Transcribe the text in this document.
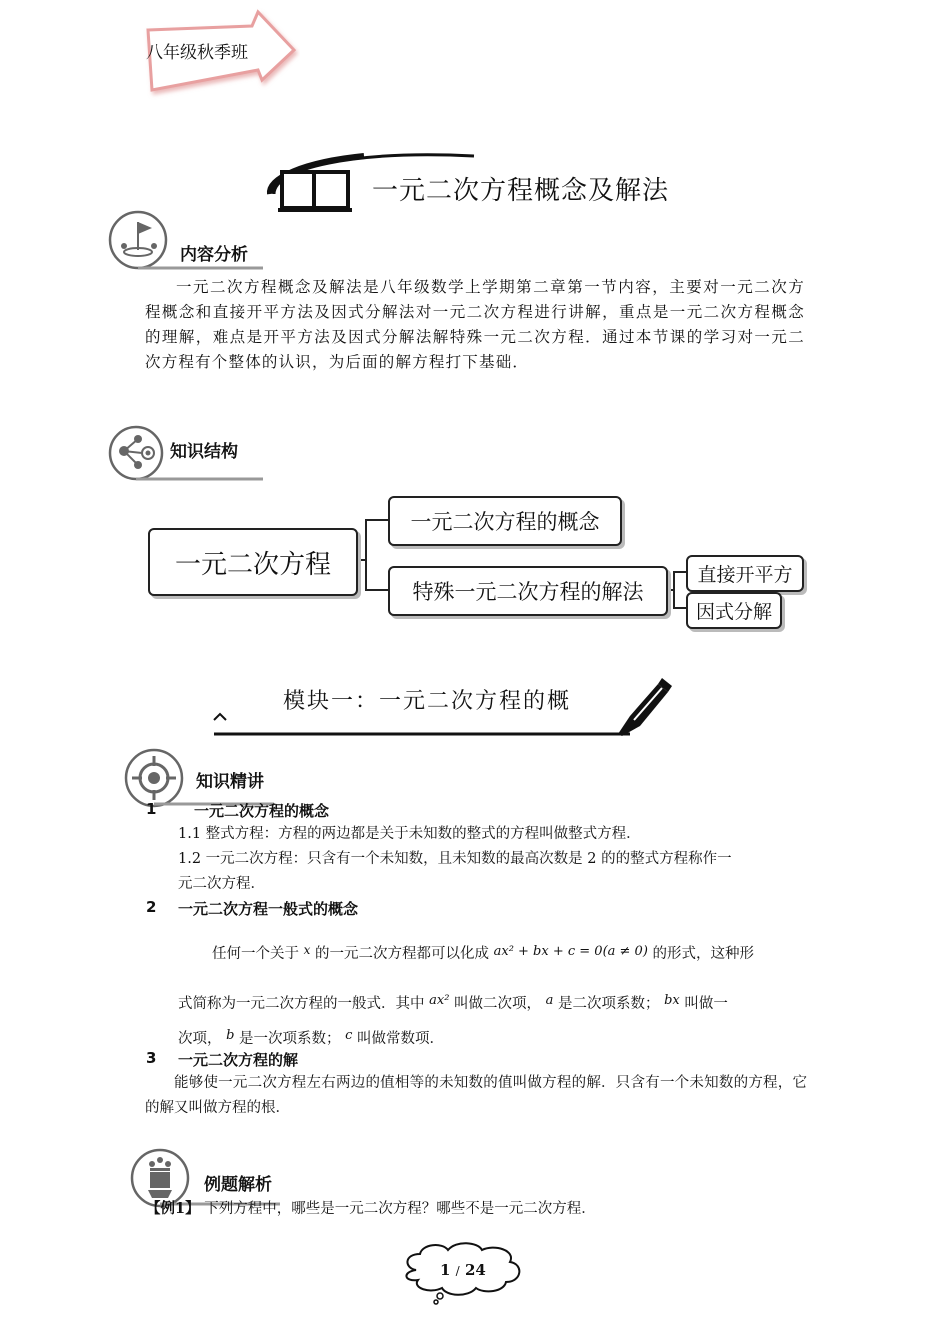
八年级秋季班
一元二次方程概念及解法
内容分析
一元二次方程概念及解法是八年级数学上学期第二章第一节内容，主要对一元二次方程概念和直接开平方法及因式分解法对一元二次方程进行讲解，重点是一元二次方程概念的理解，难点是开平方法及因式分解法解特殊一元二次方程．通过本节课的学习对一元二次方程有个整体的认识，为后面的解方程打下基础．
知识结构
一元二次方程
一元二次方程的概念
特殊一元二次方程的解法
直接开平方
因式分解
模块一：一元二次方程的概
知识精讲
1	一元二次方程的概念
1.1 整式方程：方程的两边都是关于未知数的整式的方程叫做整式方程．
1.2 一元二次方程：只含有一个未知数，且未知数的最高次数是 2 的的整式方程称作一
元二次方程．
2 一元二次方程一般式的概念
任何一个关于 $^x$ 的一元二次方程都可以化成 ax² + bx + c = 0(a ≠ 0) 的形式，这种形
式简称为一元二次方程的一般式．其中 ax² 叫做二次项， a 是二次项系数； bx 叫做一
次项， b 是一次项系数； c 叫做常数项．
3 一元二次方程的解
能够使一元二次方程左右两边的值相等的未知数的值叫做方程的解．只含有一个未知数的方程，它的解又叫做方程的根．
例题解析
【例1】 下列方程中，哪些是一元二次方程？哪些不是一元二次方程．
1 / 24
